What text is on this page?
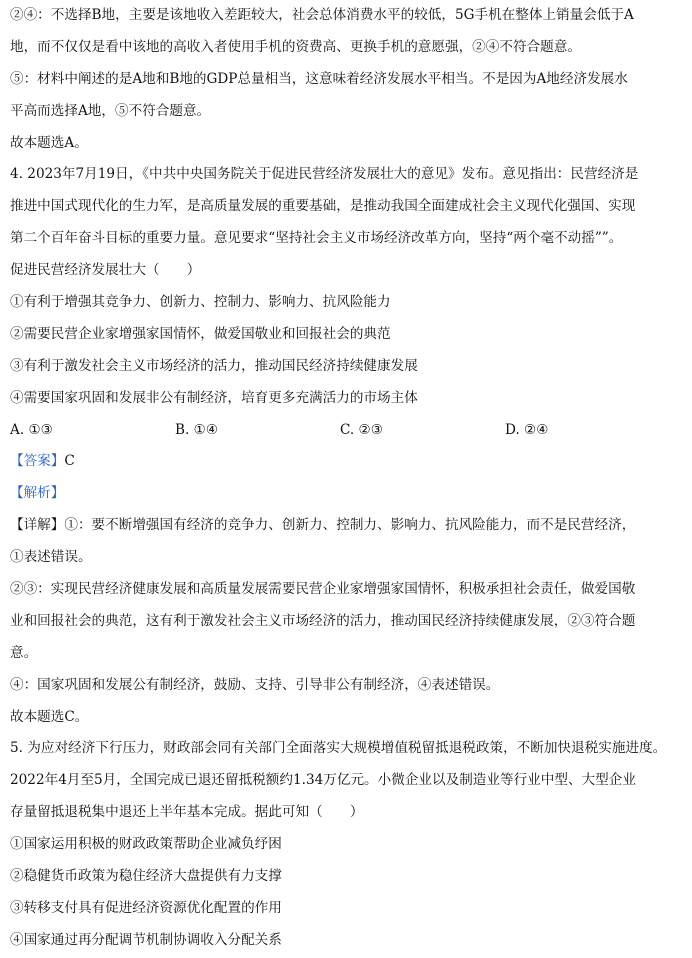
②④：不选择B地，主要是该地收入差距较大，社会总体消费水平的较低，5G手机在整体上销量会低于A
地，而不仅仅是看中该地的高收入者使用手机的资费高、更换手机的意愿强，②④不符合题意。
⑤：材料中阐述的是A地和B地的GDP总量相当，这意味着经济发展水平相当。不是因为A地经济发展水
平高而选择A地，⑤不符合题意。
故本题选A。
4. 2023年7月19日，《中共中央国务院关于促进民营经济发展壮大的意见》发布。意见指出：民营经济是
推进中国式现代化的生力军，是高质量发展的重要基础，是推动我国全面建成社会主义现代化强国、实现
第二个百年奋斗目标的重要力量。意见要求“坚持社会主义市场经济改革方向，坚持“两个毫不动摇””。
促进民营经济发展壮大（　　）
①有利于增强其竞争力、创新力、控制力、影响力、抗风险能力
②需要民营企业家增强家国情怀，做爱国敬业和回报社会的典范
③有利于激发社会主义市场经济的活力，推动国民经济持续健康发展
④需要国家巩固和发展非公有制经济，培育更多充满活力的市场主体
A. ①③	B. ①④	C. ②③	D. ②④
【答案】C
【解析】
【详解】①：要不断增强国有经济的竞争力、创新力、控制力、影响力、抗风险能力，而不是民营经济，
①表述错误。
②③：实现民营经济健康发展和高质量发展需要民营企业家增强家国情怀，积极承担社会责任，做爱国敬
业和回报社会的典范，这有利于激发社会主义市场经济的活力，推动国民经济持续健康发展，②③符合题
意。
④：国家巩固和发展公有制经济，鼓励、支持、引导非公有制经济，④表述错误。
故本题选C。
5. 为应对经济下行压力，财政部会同有关部门全面落实大规模增值税留抵退税政策，不断加快退税实施进度。
2022年4月至5月，全国完成已退还留抵税额约1.34万亿元。小微企业以及制造业等行业中型、大型企业
存量留抵退税集中退还上半年基本完成。据此可知（　　）
①国家运用积极的财政政策帮助企业减负纾困
②稳健货币政策为稳住经济大盘提供有力支撑
③转移支付具有促进经济资源优化配置的作用
④国家通过再分配调节机制协调收入分配关系
